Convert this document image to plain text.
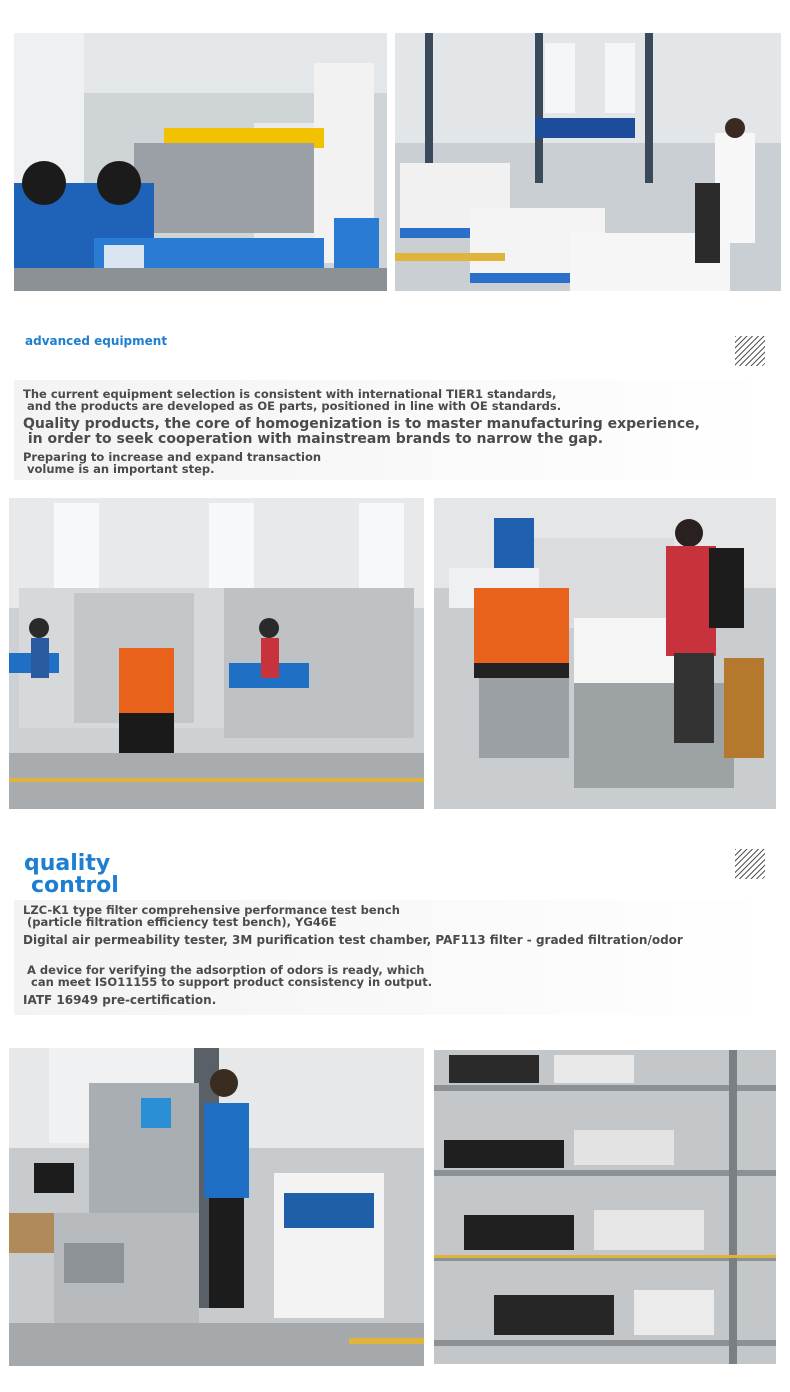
advanced equipment

The current equipment selection is consistent with international TIER1 standards,

and the products are developed as OE parts, positioned in line with OE standards.

Quality products, the core of homogenization is to master manufacturing experience,

in order to seek cooperation with mainstream brands to narrow the gap.

Preparing to increase and expand transaction

volume is an important step.

quality
control

LZC-K1 type filter comprehensive performance test bench

(particle filtration efficiency test bench), YG46E

Digital air permeability tester, 3M purification test chamber, PAF113 filter - graded filtration/odor

A device for verifying the adsorption of odors is ready, which

can meet ISO11155 to support product consistency in output.

IATF 16949 pre-certification.
